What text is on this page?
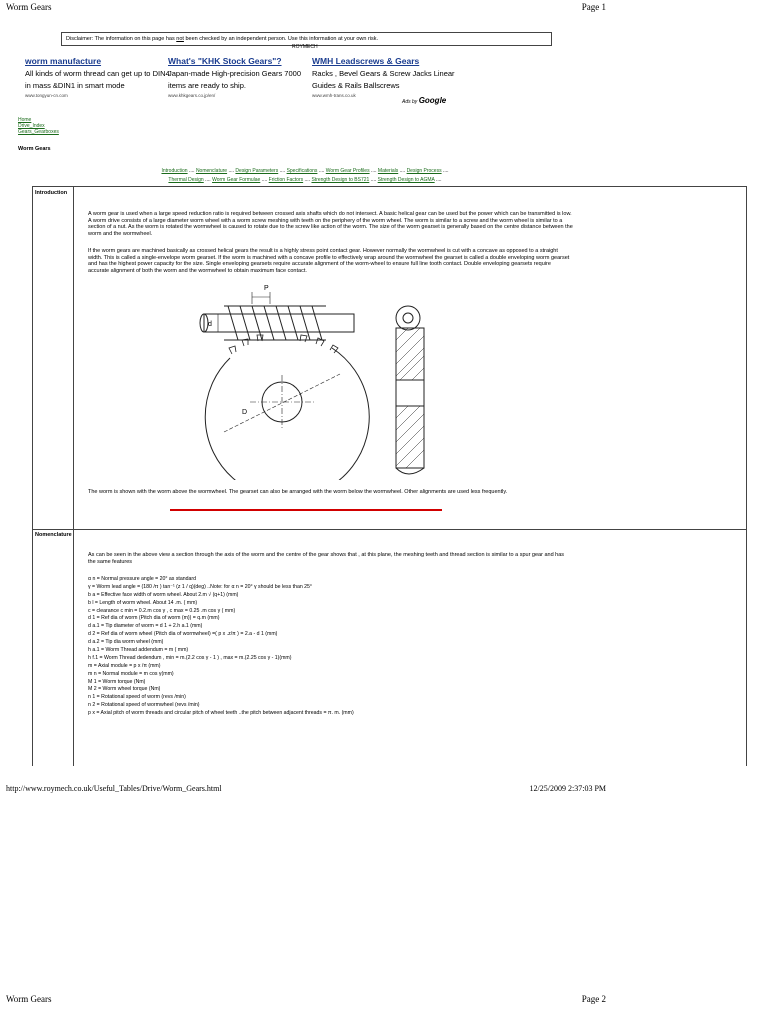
Worm Gears	Page 1
Disclaimer: The information on this page has not been checked by an independent person. Use this information at your own risk.
ROYMECH
worm manufacture
All kinds of worm thread can get up to DIN4 in mass &DIN1 in smart mode
www.tongyun-cn.com
What's "KHK Stock Gears"?
Japan-made High-precision Gears 7000 items are ready to ship.
www.khkgears.co.jp/en/
WMH Leadscrews & Gears
Racks , Bevel Gears & Screw Jacks Linear Guides & Rails Ballscrews
www.wmh-trans.co.uk
Ads by Google
Home
Drive_Index
Gears_Gearboxes
Worm Gears
Introduction .... Nomenclature .... Design Parameters .... Specifications .... Worm Gear Profiles .... Materials .... Design Process ....
Thermal Design .... Worm Gear Formulae .... Friction Factors .... Strength Design to BS721 .... Strength Design to AGMA ....
Introduction
A worm gear is used when a large speed reduction ratio is required between crossed axis shafts which do not intersect. A basic helical gear can be used but the power which can be transmitted is low. A worm drive consists of a large diameter worm wheel with a worm screw meshing with teeth on the periphery of the worm wheel. The worm is similar to a screw and the worm wheel is similar to a section of a nut. As the worm is rotated the wormwheel is caused to rotate due to the screw like action of the worm. The size of the worm gearset is generally based on the centre distance between the worm and the wormwheel.
If the worm gears are machined basically as crossed helical gears the result is a highly stress point contact gear. However normally the wormwheel is cut with a concave as opposed to a straight width. This is called a single-envelope worm gearset. If the worm is machined with a concave profile to effectively wrap around the wormwheel the gearset is called a double enveloping worm gearset and has the highest power capacity for the size. Single enveloping gearsets require accurate alignment of the worm-wheel to ensure full line tooth contact. Double enveloping gearsets require accurate alignment of both the worm and the wormwheel to obtain maximum face contact.
P
d
D
The worm is shown with the worm above the wormwheel. The gearset can also be arranged with the worm below the wormwheel. Other alignments are used less frequently.
Nomenclature
As can be seen in the above view a section through the axis of the worm and the centre of the gear shows that , at this plane, the meshing teeth and thread section is similar to a spur gear and has the same features
α n = Normal pressure angle = 20° as standard
γ = Worm lead angle = (180 /π ) tan⁻¹ (z 1 / q)(deg) ..Note: for α n = 20° γ should be less than 25°
b a = Effective face width of worm wheel. About 2.m √ (q+1) (mm)
b l = Length of worm wheel. About 14 .m. ( mm)
c = clearance c min = 0.2.m cos γ , c max = 0.25 .m cos γ ( mm)
d 1 = Ref dia of worm (Pitch dia of worm (m)) = q.m (mm)
d a.1 = Tip diameter of worm = d 1 + 2.h a.1 (mm)
d 2 = Ref dia of worm wheel (Pitch dia of wormwheel) =( p x .z/π ) = 2.a - d 1 (mm)
d a.2 = Tip dia worm wheel (mm)
h a.1 = Worm Thread addendum = m ( mm)
h f.1 = Worm Thread dedendum , min = m.(2.2 cos γ - 1 ) , max = m.(2.25 cos γ - 1)(mm)
m = Axial module = p x /π (mm)
m n = Normal module = m cos γ(mm)
M 1 = Worm torque (Nm)
M 2 = Worm wheel torque (Nm)
n 1 = Rotational speed of worm (revs /min)
n 2 = Rotational speed of wormwheel (revs /min)
p x = Axial pitch of worm threads and circular pitch of wheel teeth ..the pitch between adjacent threads = π. m. (mm)
http://www.roymech.co.uk/Useful_Tables/Drive/Worm_Gears.html	12/25/2009 2:37:03 PM
Worm Gears	Page 2
